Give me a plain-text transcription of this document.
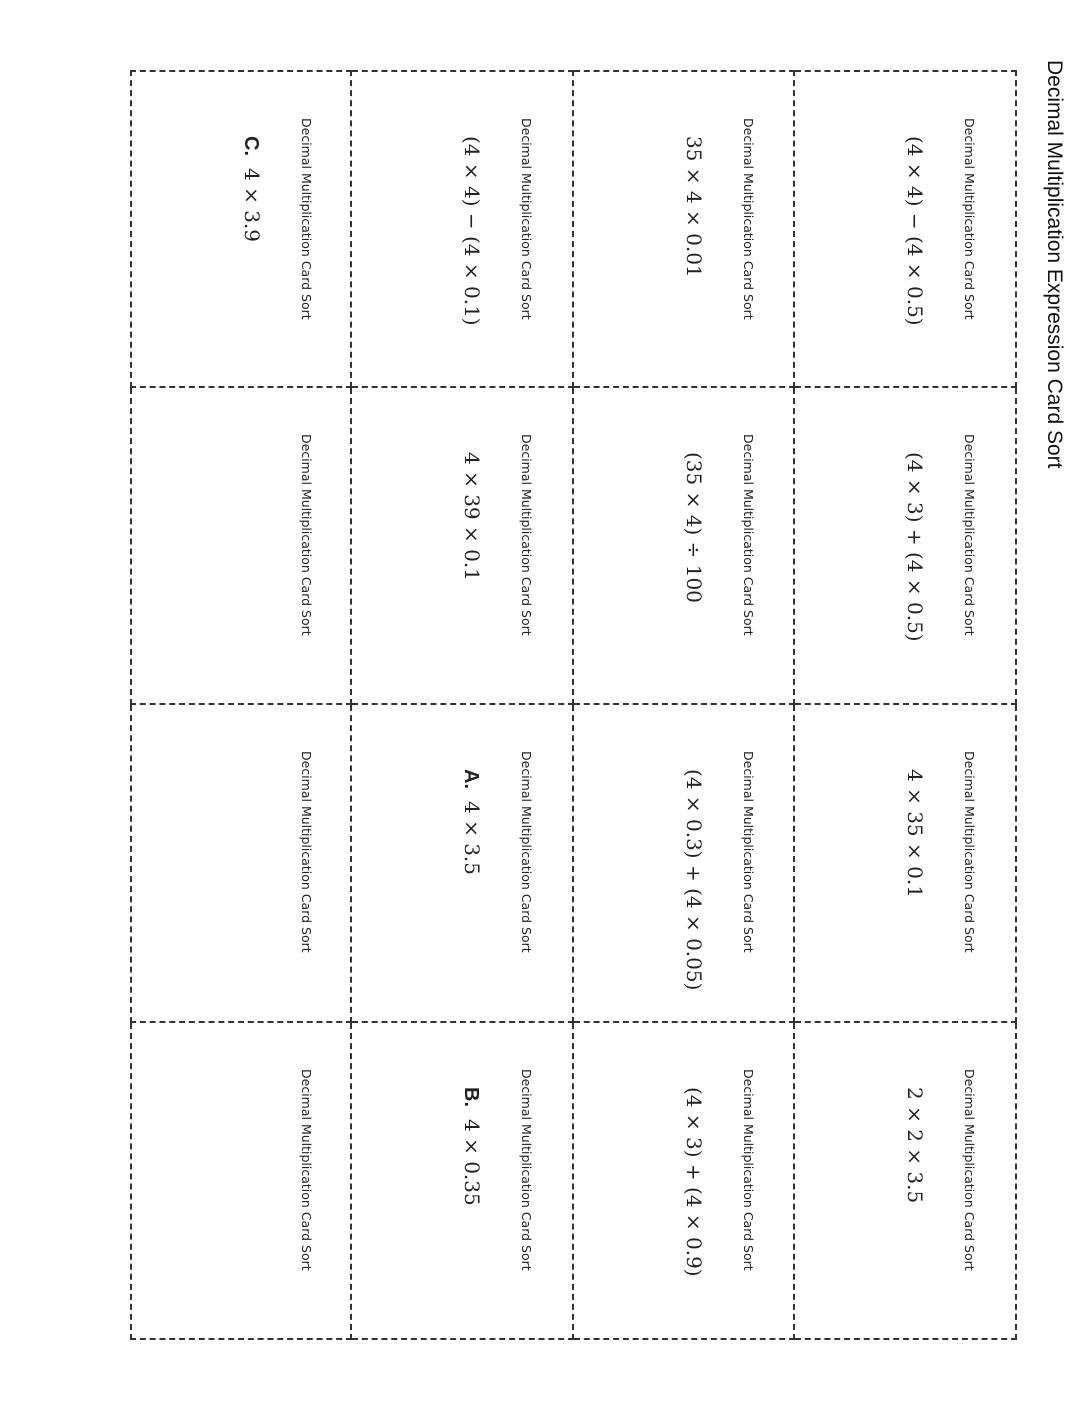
Decimal Multiplication Expression Card Sort
Decimal Multiplication Card Sort
(4 × 4) − (4 × 0.5)
Decimal Multiplication Card Sort
(4 × 3) + (4 × 0.5)
Decimal Multiplication Card Sort
4 × 35 × 0.1
Decimal Multiplication Card Sort
2 × 2 × 3.5
Decimal Multiplication Card Sort
35 × 4 × 0.01
Decimal Multiplication Card Sort
(35 × 4) ÷ 100
Decimal Multiplication Card Sort
(4 × 0.3) + (4 × 0.05)
Decimal Multiplication Card Sort
(4 × 3) + (4 × 0.9)
Decimal Multiplication Card Sort
(4 × 4) − (4 × 0.1)
Decimal Multiplication Card Sort
4 × 39 × 0.1
Decimal Multiplication Card Sort
A.4 × 3.5
Decimal Multiplication Card Sort
B.4 × 0.35
Decimal Multiplication Card Sort
C.4 × 3.9
Decimal Multiplication Card Sort
Decimal Multiplication Card Sort
Decimal Multiplication Card Sort
